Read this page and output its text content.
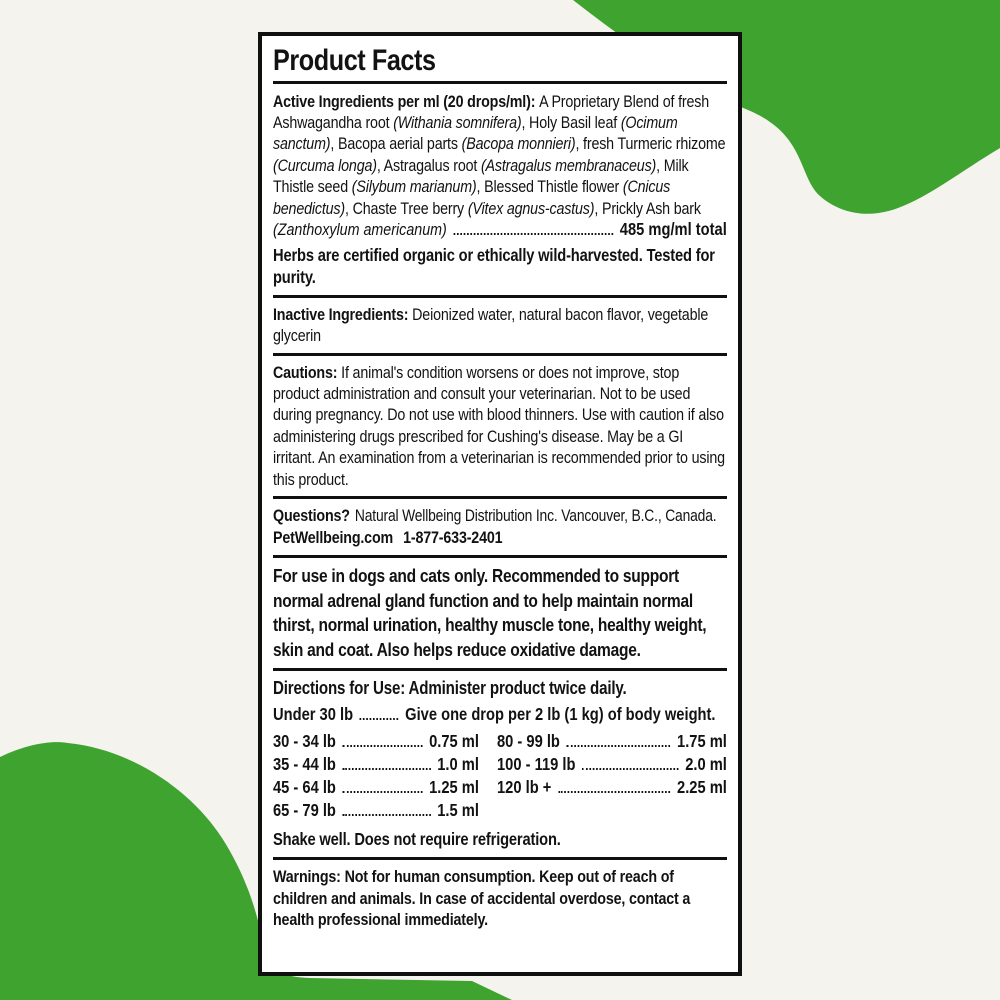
Product Facts

Active Ingredients per ml (20 drops/ml): A Proprietary Blend of fresh Ashwagandha root (Withania somnifera), Holy Basil leaf (Ocimum sanctum), Bacopa aerial parts (Bacopa monnieri), fresh Turmeric rhizome (Curcuma longa), Astragalus root (Astragalus membranaceus), Milk Thistle seed (Silybum marianum), Blessed Thistle flower (Cnicus benedictus), Chaste Tree berry (Vitex agnus-castus), Prickly Ash bark

(Zanthoxylum americanum)	485 mg/ml total

Herbs are certified organic or ethically wild-harvested. Tested for purity.

Inactive Ingredients: Deionized water, natural bacon flavor, vegetable glycerin

Cautions: If animal's condition worsens or does not improve, stop product administration and consult your veterinarian. Not to be used during pregnancy. Do not use with blood thinners. Use with caution if also administering drugs prescribed for Cushing's disease. May be a GI irritant. An examination from a veterinarian is recommended prior to using this product.

Questions? Natural Wellbeing Distribution Inc. Vancouver, B.C., Canada.

PetWellbeing.com 1-877-633-2401

For use in dogs and cats only. Recommended to support normal adrenal gland function and to help maintain normal thirst, normal urination, healthy muscle tone, healthy weight, skin and coat. Also helps reduce oxidative damage.

Directions for Use: Administer product twice daily.

Under 30 lb	Give one drop per 2 lb (1 kg) of body weight.
30 - 34 lb	0.75 ml
35 - 44 lb	1.0 ml
45 - 64 lb	1.25 ml
65 - 79 lb	1.5 ml
80 - 99 lb	1.75 ml
100 - 119 lb	2.0 ml
120 lb +	2.25 ml

Shake well. Does not require refrigeration.

Warnings: Not for human consumption. Keep out of reach of children and animals. In case of accidental overdose, contact a health professional immediately.
